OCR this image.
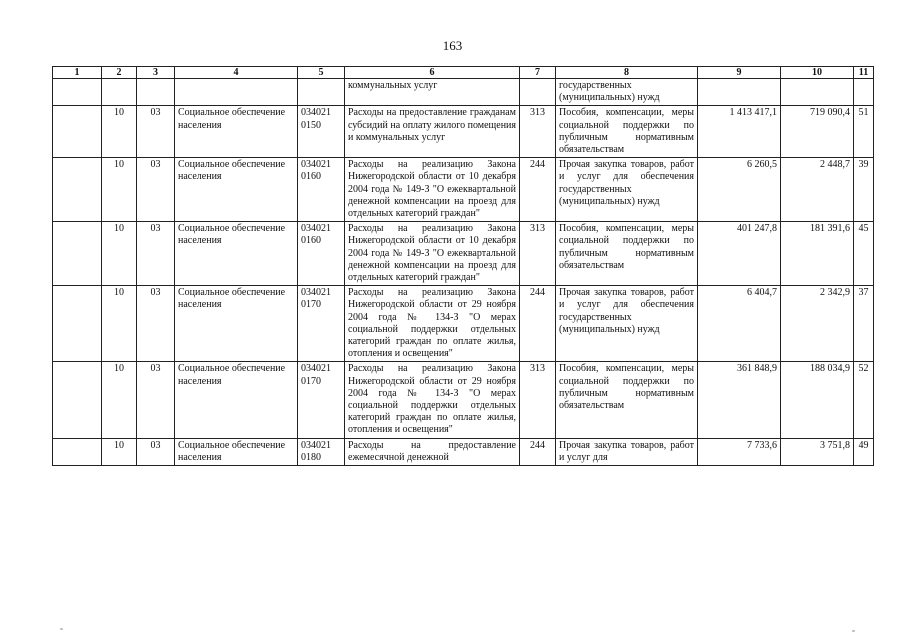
163
1	2	3	4	5	6	7	8	9	10	11
					коммунальных услуг		государственных (муниципальных) нужд			
	10	03	Социальное обеспечение населения	034021 0150	Расходы на предоставление гражданам субсидий на оплату жилого помещения и коммунальных услуг	313	Пособия, компенсации, меры социальной поддержки по публичным нормативным обязательствам	1 413 417,1	719 090,4	51
	10	03	Социальное обеспечение населения	034021 0160	Расходы на реализацию Закона Нижегородской области от 10 декабря 2004 года № 149-З "О ежеквартальной денежной компенсации на проезд для отдельных категорий граждан"	244	Прочая закупка товаров, работ и услуг для обеспечения государственных (муниципальных) нужд	6 260,5	2 448,7	39
	10	03	Социальное обеспечение населения	034021 0160	Расходы на реализацию Закона Нижегородской области от 10 декабря 2004 года № 149-З "О ежеквартальной денежной компенсации на проезд для отдельных категорий граждан"	313	Пособия, компенсации, меры социальной поддержки по публичным нормативным обязательствам	401 247,8	181 391,6	45
	10	03	Социальное обеспечение населения	034021 0170	Расходы на реализацию Закона Нижегородской области от 29 ноября 2004 года № 134-З "О мерах социальной поддержки отдельных категорий граждан по оплате жилья, отопления и освещения"	244	Прочая закупка товаров, работ и услуг для обеспечения государственных (муниципальных) нужд	6 404,7	2 342,9	37
	10	03	Социальное обеспечение населения	034021 0170	Расходы на реализацию Закона Нижегородской области от 29 ноября 2004 года № 134-З "О мерах социальной поддержки отдельных категорий граждан по оплате жилья, отопления и освещения"	313	Пособия, компенсации, меры социальной поддержки по публичным нормативным обязательствам	361 848,9	188 034,9	52
	10	03	Социальное обеспечение населения	034021 0180	Расходы на предоставление ежемесячной денежной	244	Прочая закупка товаров, работ и услуг для	7 733,6	3 751,8	49
